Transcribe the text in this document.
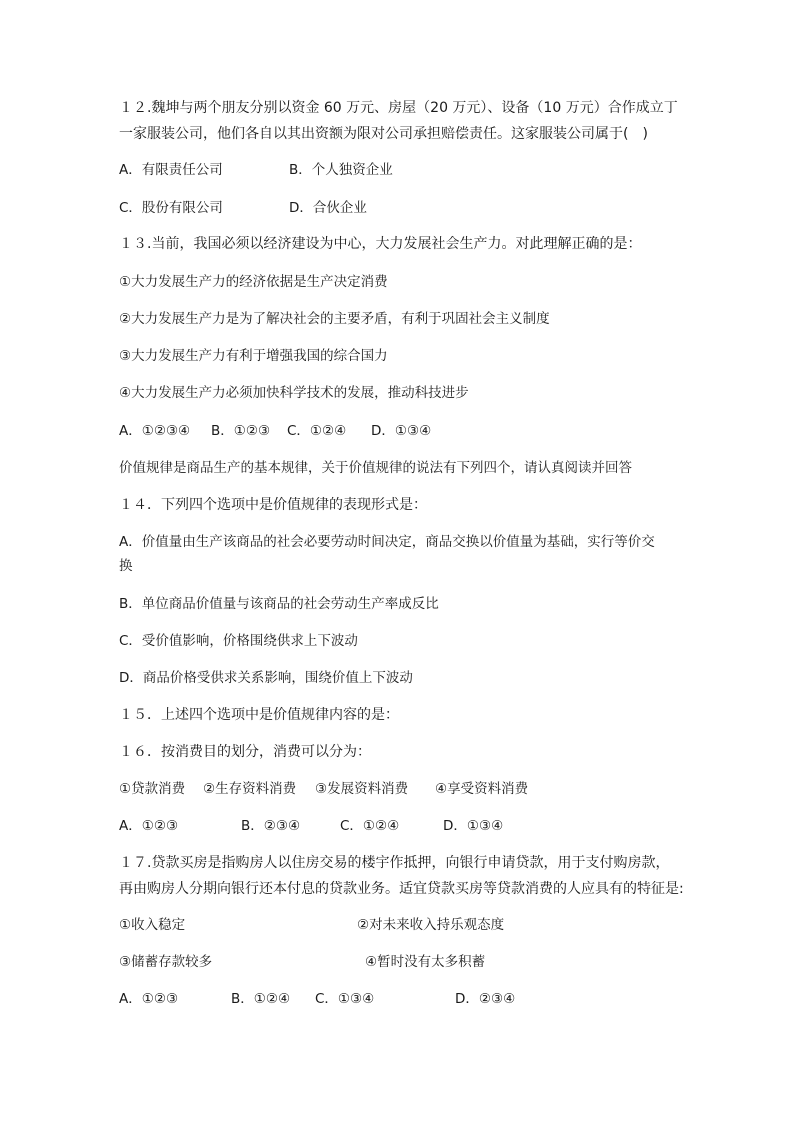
１２.魏坤与两个朋友分别以资金 60 万元、房屋（20 万元）、设备（10 万元）合作成立丁
一家服装公司，他们各自以其出资额为限对公司承担赔偿责任。这家服装公司属于(　)
A．有限责任公司	B．个人独资企业
C．股份有限公司	D．合伙企业
１３.当前，我国必须以经济建设为中心，大力发展社会生产力。对此理解正确的是：
①大力发展生产力的经济依据是生产决定消费
②大力发展生产力是为了解决社会的主要矛盾，有利于巩固社会主义制度
③大力发展生产力有利于增强我国的综合国力
④大力发展生产力必须加快科学技术的发展，推动科技进步
A．①②③④ B．①②③ C．①②④ D．①③④
价值规律是商品生产的基本规律，关于价值规律的说法有下列四个，请认真阅读并回答
１４．下列四个选项中是价值规律的表现形式是：
A．价值量由生产该商品的社会必要劳动时间决定，商品交换以价值量为基础，实行等价交
换
B．单位商品价值量与该商品的社会劳动生产率成反比
C．受价值影响，价格围绕供求上下波动
D．商品价格受供求关系影响，围绕价值上下波动
１５．上述四个选项中是价值规律内容的是：
１６．按消费目的划分，消费可以分为：
①贷款消费 ②生存资料消费 ③发展资料消费 ④享受资料消费
A．①②③	B．②③④	C．①②④	D．①③④
１７.贷款买房是指购房人以住房交易的楼宇作抵押，向银行申请贷款，用于支付购房款，
再由购房人分期向银行还本付息的贷款业务。适宜贷款买房等贷款消费的人应具有的特征是:
①收入稳定	②对未来收入持乐观态度
③储蓄存款较多	④暂时没有太多积蓄
A．①②③	B．①②④ C．①③④	D．②③④
